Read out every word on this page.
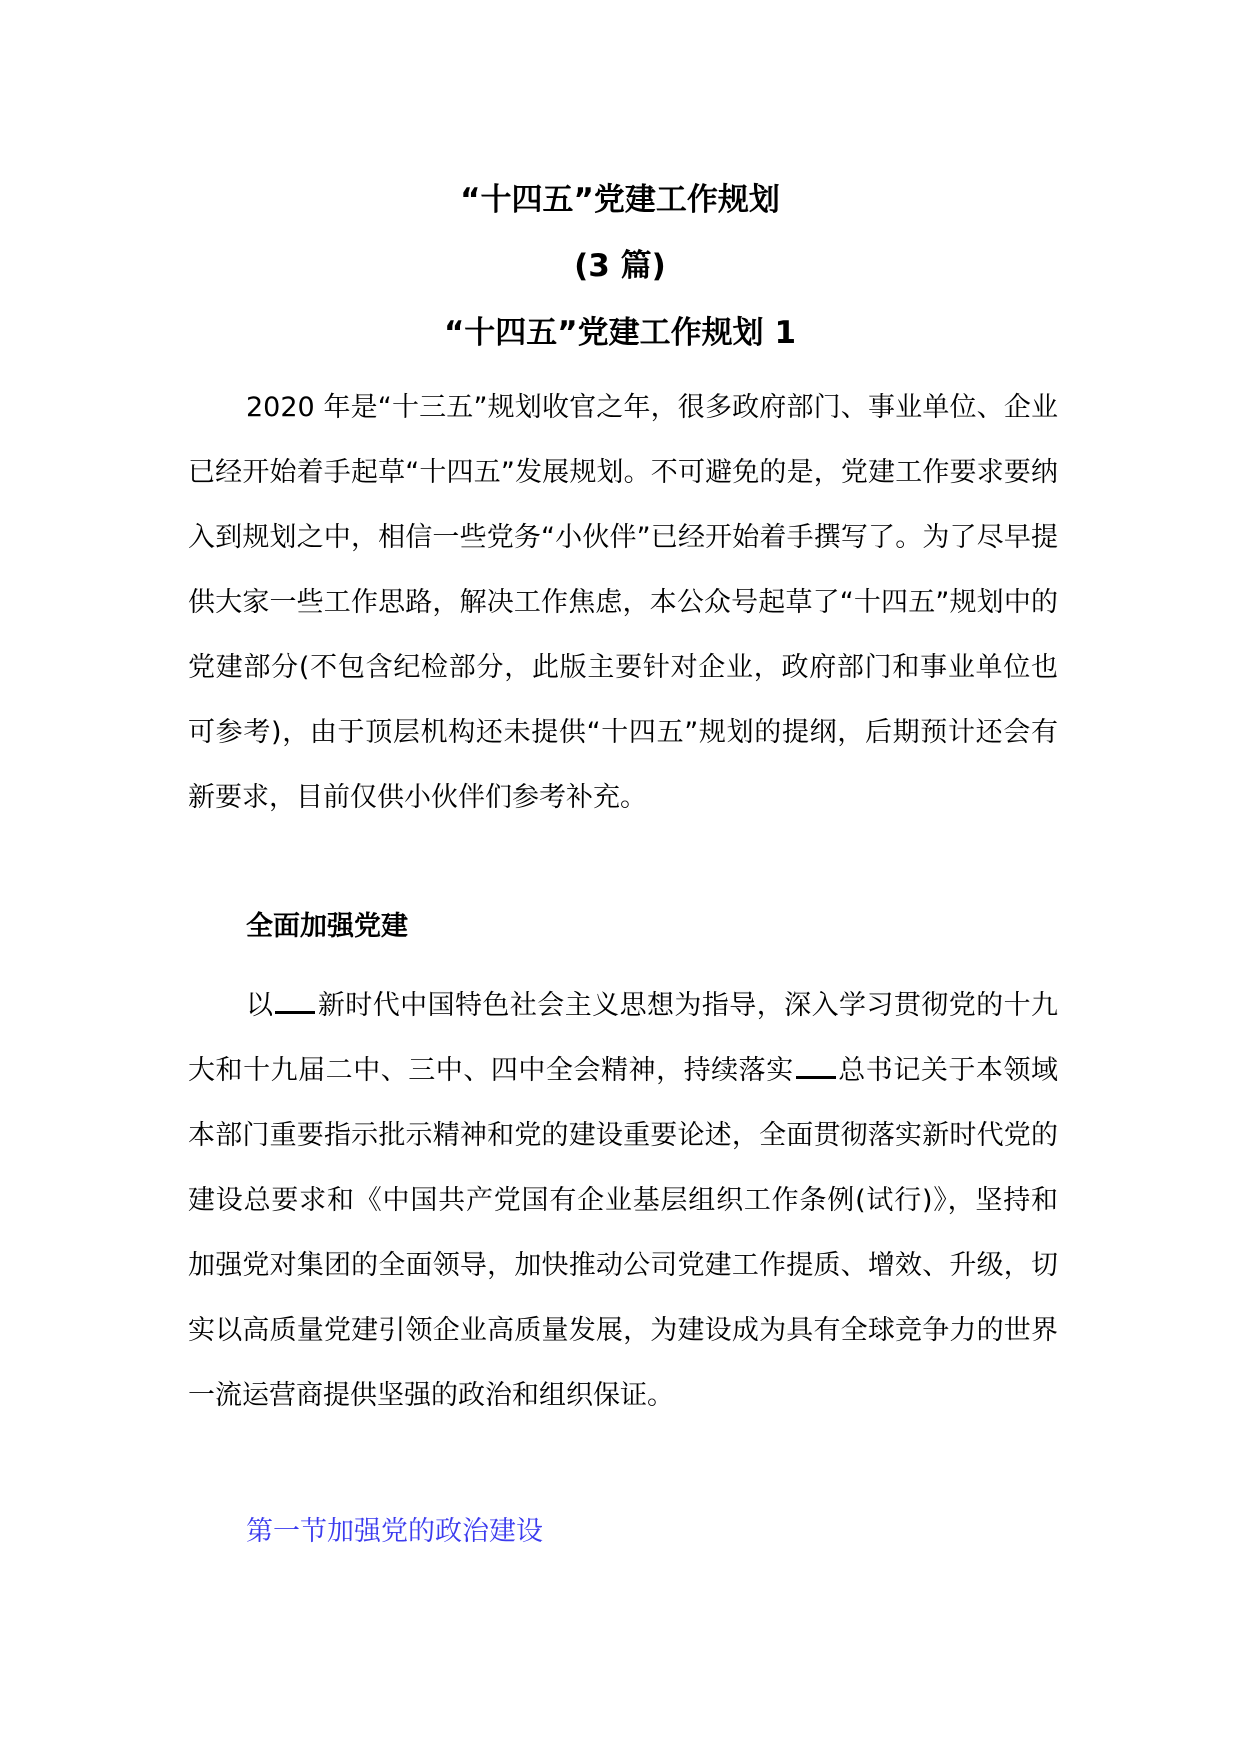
“十四五”党建工作规划
(3 篇)
“十四五”党建工作规划 1

2020 年是“十三五”规划收官之年，很多政府部门、事业单位、企业已经开始着手起草“十四五”发展规划。不可避免的是，党建工作要求要纳入到规划之中，相信一些党务“小伙伴”已经开始着手撰写了。为了尽早提供大家一些工作思路，解决工作焦虑，本公众号起草了“十四五”规划中的党建部分(不包含纪检部分，此版主要针对企业，政府部门和事业单位也可参考)，由于顶层机构还未提供“十四五”规划的提纲，后期预计还会有新要求，目前仅供小伙伴们参考补充。

全面加强党建

以 新时代中国特色社会主义思想为指导，深入学习贯彻党的十九大和十九届二中、三中、四中全会精神，持续落实 总书记关于本领域本部门重要指示批示精神和党的建设重要论述，全面贯彻落实新时代党的建设总要求和《中国共产党国有企业基层组织工作条例(试行)》，坚持和加强党对集团的全面领导，加快推动公司党建工作提质、增效、升级，切实以高质量党建引领企业高质量发展，为建设成为具有全球竞争力的世界一流运营商提供坚强的政治和组织保证。

第一节加强党的政治建设
